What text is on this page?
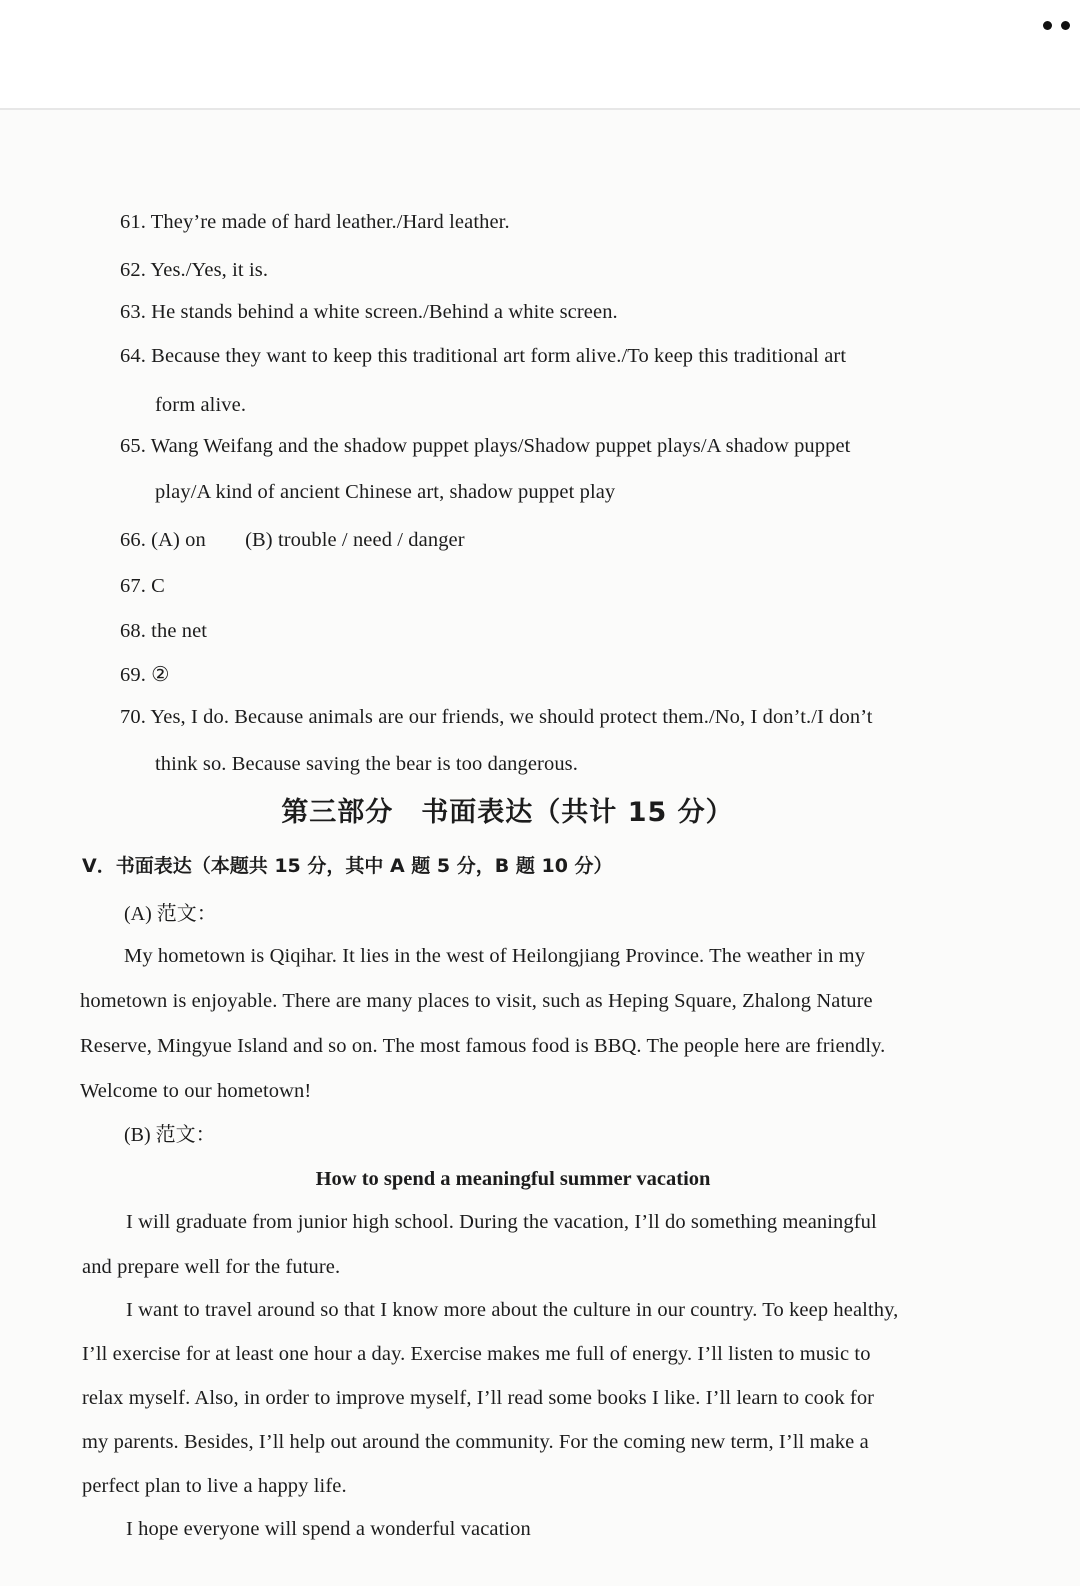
61. They’re made of hard leather./Hard leather.
62. Yes./Yes, it is.
63. He stands behind a white screen./Behind a white screen.
64. Because they want to keep this traditional art form alive./To keep this traditional art
form alive.
65. Wang Weifang and the shadow puppet plays/Shadow puppet plays/A shadow puppet
play/A kind of ancient Chinese art, shadow puppet play
66. (A) on (B) trouble / need / danger
67. C
68. the net
69. ②
70. Yes, I do. Because animals are our friends, we should protect them./No, I don’t./I don’t
think so. Because saving the bear is too dangerous.
第三部分　书面表达（共计 15 分）
V．书面表达（本题共 15 分，其中 A 题 5 分，B 题 10 分）
(A) 范文：
My hometown is Qiqihar. It lies in the west of Heilongjiang Province. The weather in my
hometown is enjoyable. There are many places to visit, such as Heping Square, Zhalong Nature
Reserve, Mingyue Island and so on. The most famous food is BBQ. The people here are friendly.
Welcome to our hometown!
(B) 范文：
How to spend a meaningful summer vacation
I will graduate from junior high school. During the vacation, I’ll do something meaningful
and prepare well for the future.
I want to travel around so that I know more about the culture in our country. To keep healthy,
I’ll exercise for at least one hour a day. Exercise makes me full of energy. I’ll listen to music to
relax myself. Also, in order to improve myself, I’ll read some books I like. I’ll learn to cook for
my parents. Besides, I’ll help out around the community. For the coming new term, I’ll make a
perfect plan to live a happy life.
I hope everyone will spend a wonderful vacation
